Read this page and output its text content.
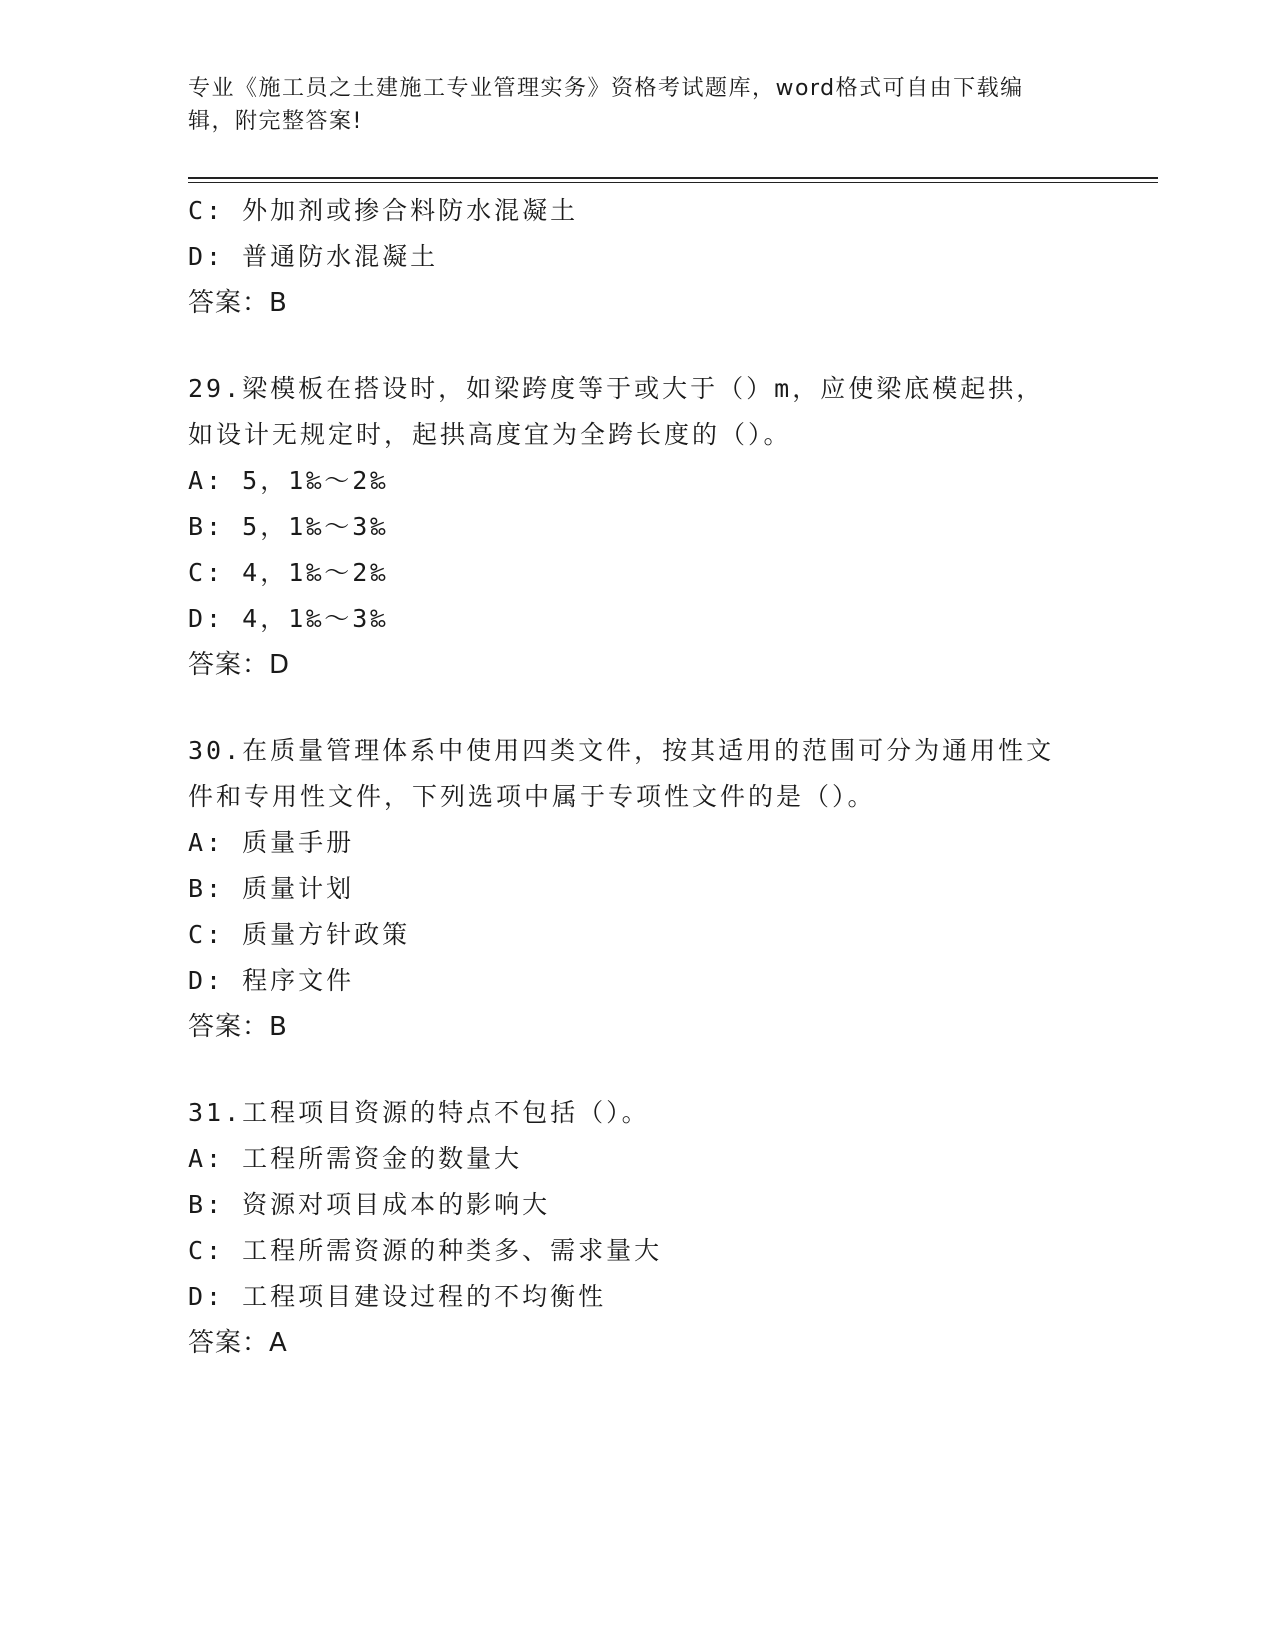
专业《施工员之土建施工专业管理实务》资格考试题库，word格式可自由下载编
辑，附完整答案!
C: 外加剂或掺合料防水混凝土
D: 普通防水混凝土
答案：B
29.梁模板在搭设时，如梁跨度等于或大于（）m，应使梁底模起拱，
如设计无规定时，起拱高度宜为全跨长度的（）。
A: 5，1‰～2‰
B: 5，1‰～3‰
C: 4，1‰～2‰
D: 4，1‰～3‰
答案：D
30.在质量管理体系中使用四类文件，按其适用的范围可分为通用性文
件和专用性文件，下列选项中属于专项性文件的是（）。
A: 质量手册
B: 质量计划
C: 质量方针政策
D: 程序文件
答案：B
31.工程项目资源的特点不包括（）。
A: 工程所需资金的数量大
B: 资源对项目成本的影响大
C: 工程所需资源的种类多、需求量大
D: 工程项目建设过程的不均衡性
答案：A
